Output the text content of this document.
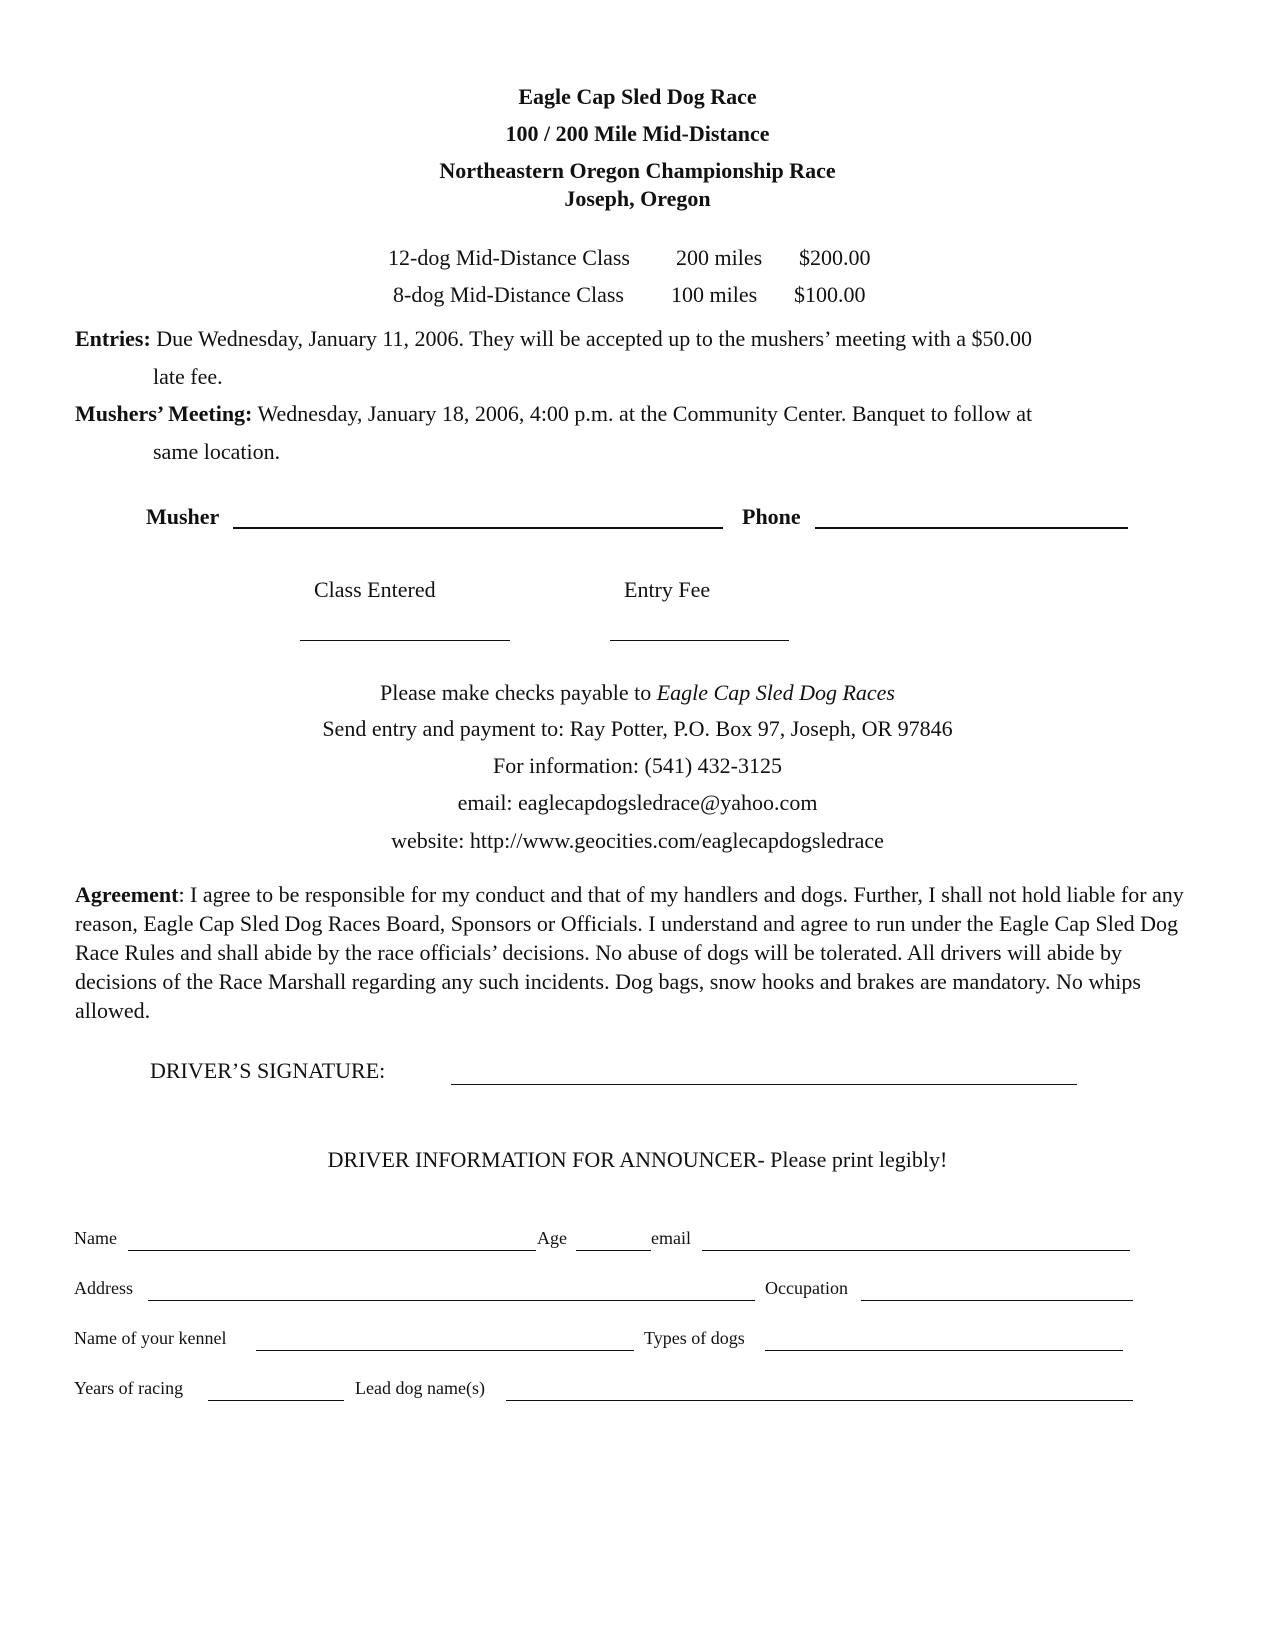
Eagle Cap Sled Dog Race
100 / 200 Mile Mid-Distance
Northeastern Oregon Championship Race
Joseph, Oregon
12-dog Mid-Distance Class 200 miles $200.00
8-dog Mid-Distance Class 100 miles $100.00
Entries: Due Wednesday, January 11, 2006. They will be accepted up to the mushers’ meeting with a $50.00
late fee.
Mushers’ Meeting: Wednesday, January 18, 2006, 4:00 p.m. at the Community Center. Banquet to follow at
same location.
Musher	Phone
Class Entered	Entry Fee
Please make checks payable to Eagle Cap Sled Dog Races
Send entry and payment to: Ray Potter, P.O. Box 97, Joseph, OR 97846
For information: (541) 432-3125
email: eaglecapdogsledrace@yahoo.com
website: http://www.geocities.com/eaglecapdogsledrace
Agreement: I agree to be responsible for my conduct and that of my handlers and dogs. Further, I shall not hold liable for any reason, Eagle Cap Sled Dog Races Board, Sponsors or Officials. I understand and agree to run under the Eagle Cap Sled Dog Race Rules and shall abide by the race officials’ decisions. No abuse of dogs will be tolerated. All drivers will abide by decisions of the Race Marshall regarding any such incidents. Dog bags, snow hooks and brakes are mandatory. No whips allowed.
DRIVER’S SIGNATURE:
DRIVER INFORMATION FOR ANNOUNCER- Please print legibly!
Name	Age	email
Address	Occupation
Name of your kennel	Types of dogs
Years of racing	Lead dog name(s)
